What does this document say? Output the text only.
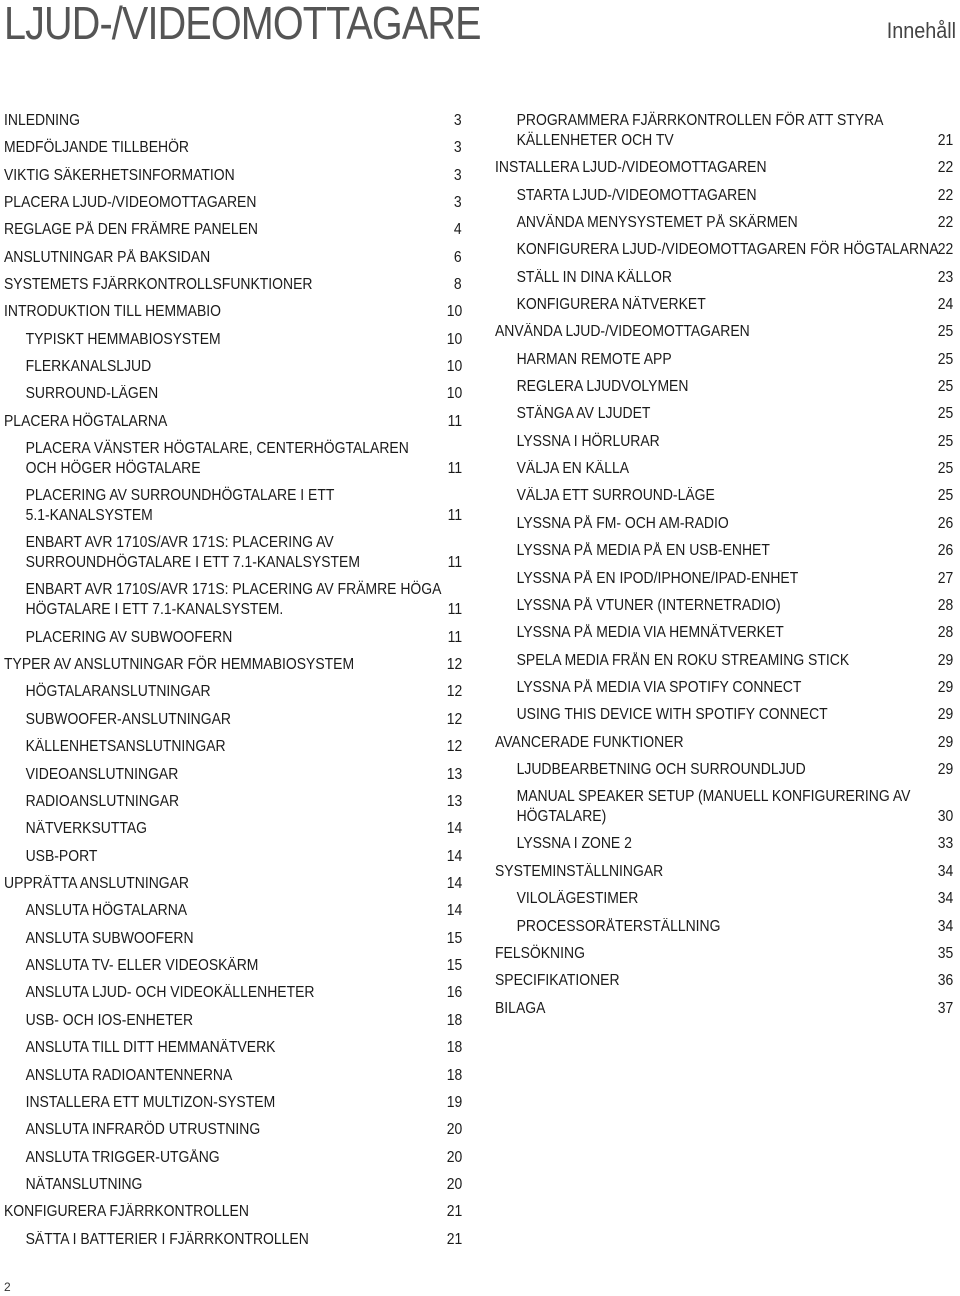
LJUD-/VIDEOMOTTAGARE	Innehåll
INLEDNING	3
MEDFÖLJANDE TILLBEHÖR	3
VIKTIG SÄKERHETSINFORMATION	3
PLACERA LJUD-/VIDEOMOTTAGAREN	3
REGLAGE PÅ DEN FRÄMRE PANELEN	4
ANSLUTNINGAR PÅ BAKSIDAN	6
SYSTEMETS FJÄRRKONTROLLSFUNKTIONER	8
INTRODUKTION TILL HEMMABIO	10
TYPISKT HEMMABIOSYSTEM	10
FLERKANALSLJUD	10
SURROUND-LÄGEN	10
PLACERA HÖGTALARNA	11
PLACERA VÄNSTER HÖGTALARE, CENTERHÖGTALAREN
OCH HÖGER HÖGTALARE	11
PLACERING AV SURROUNDHÖGTALARE I ETT
5.1-KANALSYSTEM	11
ENBART AVR 1710S/AVR 171S: PLACERING AV
SURROUNDHÖGTALARE I ETT 7.1-KANALSYSTEM	11
ENBART AVR 1710S/AVR 171S: PLACERING AV FRÄMRE HÖGA
HÖGTALARE I ETT 7.1-KANALSYSTEM.	11
PLACERING AV SUBWOOFERN	11
TYPER AV ANSLUTNINGAR FÖR HEMMABIOSYSTEM	12
HÖGTALARANSLUTNINGAR	12
SUBWOOFER-ANSLUTNINGAR	12
KÄLLENHETSANSLUTNINGAR	12
VIDEOANSLUTNINGAR	13
RADIOANSLUTNINGAR	13
NÄTVERKSUTTAG	14
USB-PORT	14
UPPRÄTTA ANSLUTNINGAR	14
ANSLUTA HÖGTALARNA	14
ANSLUTA SUBWOOFERN	15
ANSLUTA TV- ELLER VIDEOSKÄRM	15
ANSLUTA LJUD- OCH VIDEOKÄLLENHETER	16
USB- OCH IOS-ENHETER	18
ANSLUTA TILL DITT HEMMANÄTVERK	18
ANSLUTA RADIOANTENNERNA	18
INSTALLERA ETT MULTIZON-SYSTEM	19
ANSLUTA INFRARÖD UTRUSTNING	20
ANSLUTA TRIGGER-UTGÅNG	20
NÄTANSLUTNING	20
KONFIGURERA FJÄRRKONTROLLEN	21
SÄTTA I BATTERIER I FJÄRRKONTROLLEN	21
PROGRAMMERA FJÄRRKONTROLLEN FÖR ATT STYRA
KÄLLENHETER OCH TV	21
INSTALLERA LJUD-/VIDEOMOTTAGAREN	22
STARTA LJUD-/VIDEOMOTTAGAREN	22
ANVÄNDA MENYSYSTEMET PÅ SKÄRMEN	22
KONFIGURERA LJUD-/VIDEOMOTTAGAREN FÖR HÖGTALARNA
22
STÄLL IN DINA KÄLLOR	23
KONFIGURERA NÄTVERKET	24
ANVÄNDA LJUD-/VIDEOMOTTAGAREN	25
HARMAN REMOTE APP	25
REGLERA LJUDVOLYMEN	25
STÄNGA AV LJUDET	25
LYSSNA I HÖRLURAR	25
VÄLJA EN KÄLLA	25
VÄLJA ETT SURROUND-LÄGE	25
LYSSNA PÅ FM- OCH AM-RADIO	26
LYSSNA PÅ MEDIA PÅ EN USB-ENHET	26
LYSSNA PÅ EN IPOD/IPHONE/IPAD-ENHET	27
LYSSNA PÅ VTUNER (INTERNETRADIO)	28
LYSSNA PÅ MEDIA VIA HEMNÄTVERKET	28
SPELA MEDIA FRÅN EN ROKU STREAMING STICK	29
LYSSNA PÅ MEDIA VIA SPOTIFY CONNECT	29
USING THIS DEVICE WITH SPOTIFY CONNECT	29
AVANCERADE FUNKTIONER	29
LJUDBEARBETNING OCH SURROUNDLJUD	29
MANUAL SPEAKER SETUP (MANUELL KONFIGURERING AV
HÖGTALARE)	30
LYSSNA I ZONE 2	33
SYSTEMINSTÄLLNINGAR	34
VILOLÄGESTIMER	34
PROCESSORÅTERSTÄLLNING	34
FELSÖKNING	35
SPECIFIKATIONER	36
BILAGA	37
2
